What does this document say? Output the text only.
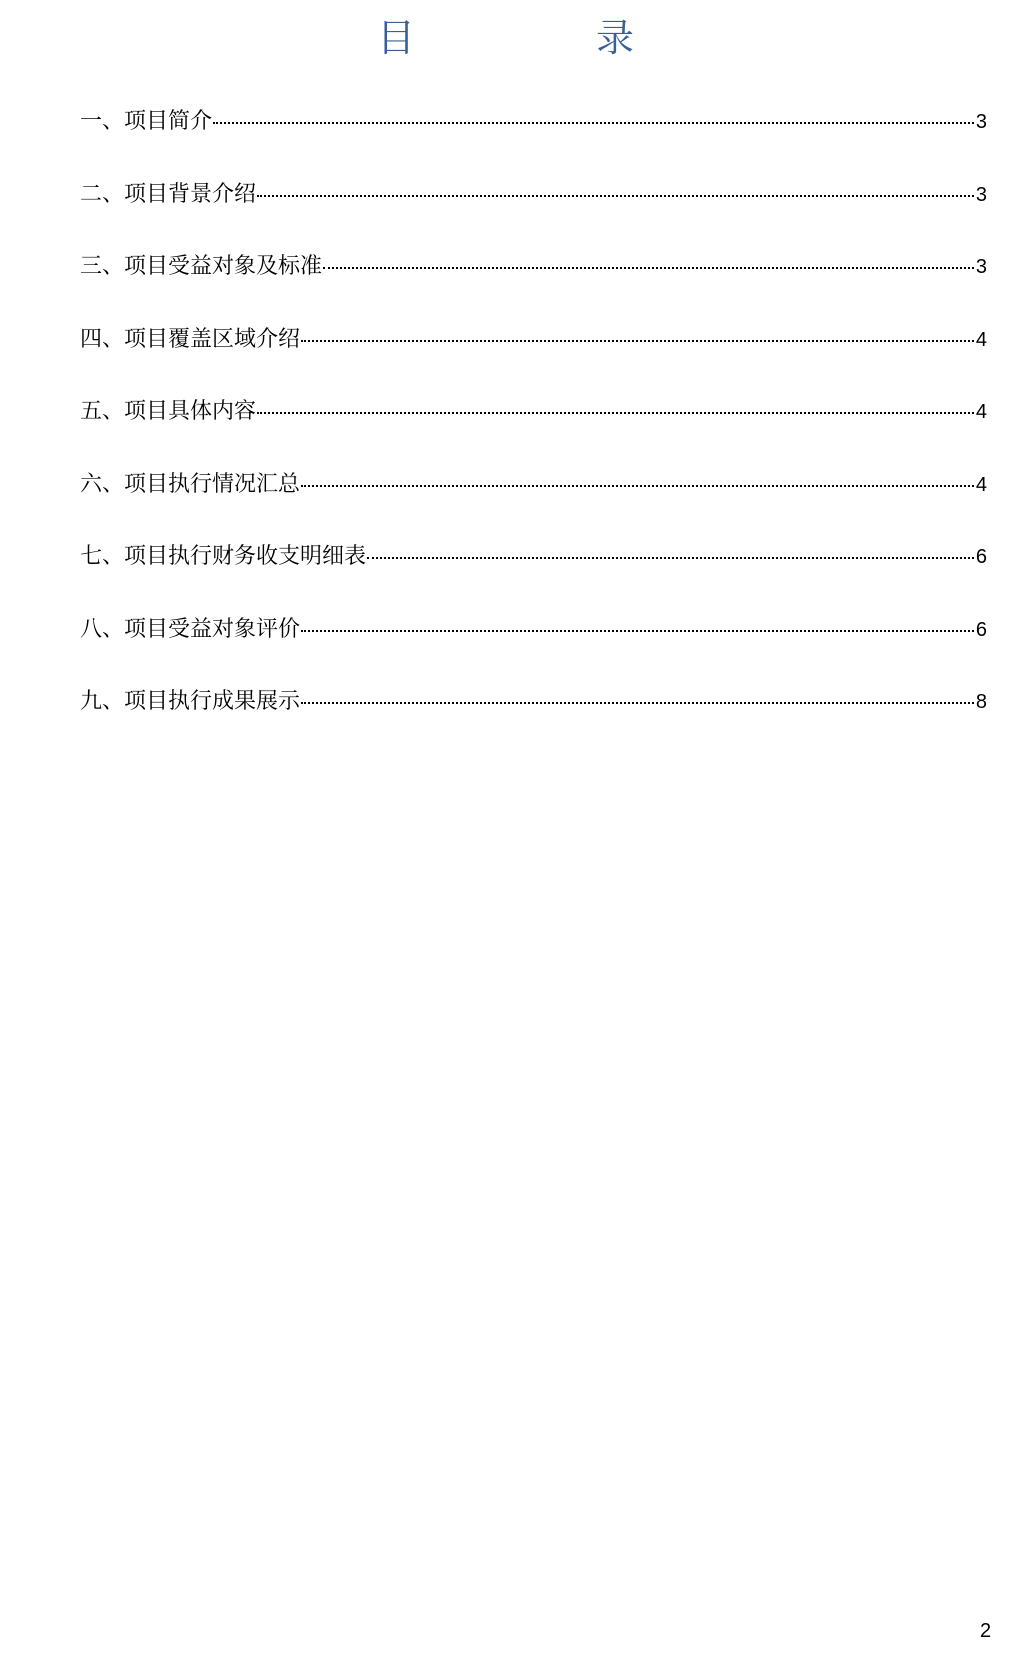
目	录
一、项目简介	3
二、项目背景介绍	3
三、项目受益对象及标准	3
四、项目覆盖区域介绍	4
五、项目具体内容	4
六、项目执行情况汇总	4
七、项目执行财务收支明细表	6
八、项目受益对象评价	6
九、项目执行成果展示	8
2
